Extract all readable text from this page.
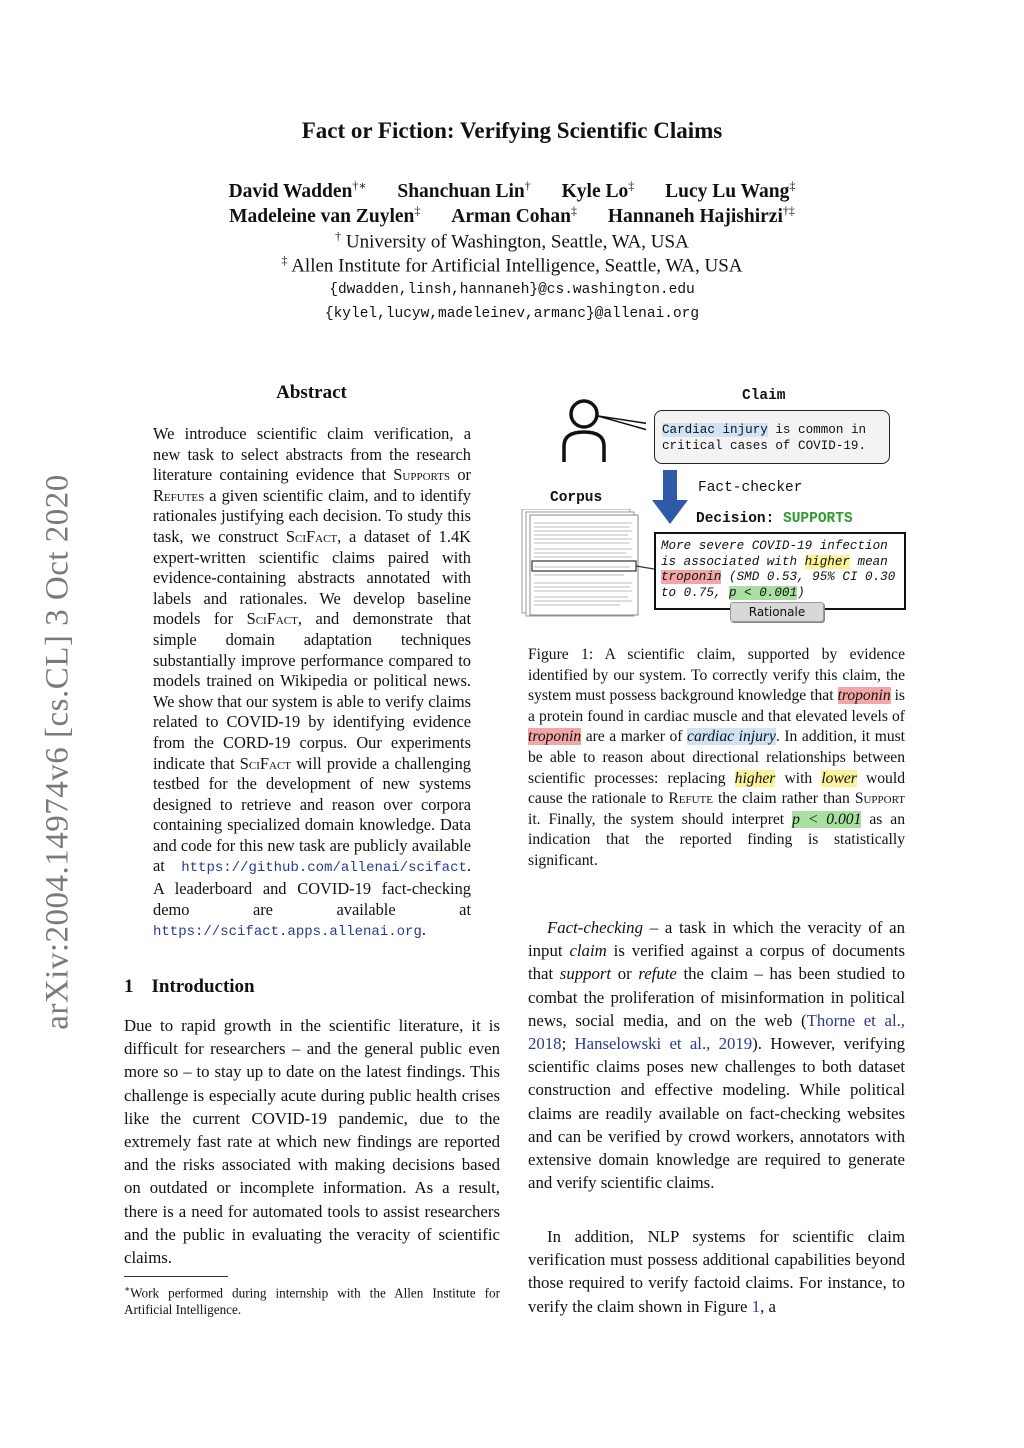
arXiv:2004.14974v6 [cs.CL] 3 Oct 2020
Fact or Fiction: Verifying Scientific Claims
David Wadden†∗ Shanchuan Lin† Kyle Lo‡ Lucy Lu Wang‡
Madeleine van Zuylen‡ Arman Cohan‡ Hannaneh Hajishirzi†‡
† University of Washington, Seattle, WA, USA
‡ Allen Institute for Artificial Intelligence, Seattle, WA, USA
{dwadden,linsh,hannaneh}@cs.washington.edu
{kylel,lucyw,madeleinev,armanc}@allenai.org
Abstract
We introduce scientific claim verification, a new task to select abstracts from the research literature containing evidence that Supports or Refutes a given scientific claim, and to identify rationales justifying each decision. To study this task, we construct SciFact, a dataset of 1.4K expert-written scientific claims paired with evidence-containing abstracts annotated with labels and rationales. We develop baseline models for SciFact, and demonstrate that simple domain adaptation techniques substantially improve performance compared to models trained on Wikipedia or political news. We show that our system is able to verify claims related to COVID-19 by identifying evidence from the CORD-19 corpus. Our experiments indicate that SciFact will provide a challenging testbed for the development of new systems designed to retrieve and reason over corpora containing specialized domain knowledge. Data and code for this new task are publicly available at https://github.com/allenai/scifact. A leaderboard and COVID-19 fact-checking demo are available at https://scifact.apps.allenai.org.
1 Introduction
Due to rapid growth in the scientific literature, it is difficult for researchers – and the general public even more so – to stay up to date on the latest findings. This challenge is especially acute during public health crises like the current COVID-19 pandemic, due to the extremely fast rate at which new findings are reported and the risks associated with making decisions based on outdated or incomplete information. As a result, there is a need for automated tools to assist researchers and the public in evaluating the veracity of scientific claims.
∗Work performed during internship with the Allen Institute for Artificial Intelligence.
Claim
Cardiac injury is common in critical cases of COVID-19.
Corpus
Fact-checker
Decision: SUPPORTS
More severe COVID-19 infection is associated with higher mean troponin (SMD 0.53, 95% CI 0.30 to 0.75, p < 0.001)
Rationale
Figure 1: A scientific claim, supported by evidence identified by our system. To correctly verify this claim, the system must possess background knowledge that troponin is a protein found in cardiac muscle and that elevated levels of troponin are a marker of cardiac injury. In addition, it must be able to reason about directional relationships between scientific processes: replacing higher with lower would cause the rationale to Refute the claim rather than Support it. Finally, the system should interpret p < 0.001 as an indication that the reported finding is statistically significant.
Fact-checking – a task in which the veracity of an input claim is verified against a corpus of documents that support or refute the claim – has been studied to combat the proliferation of misinformation in political news, social media, and on the web (Thorne et al., 2018; Hanselowski et al., 2019). However, verifying scientific claims poses new challenges to both dataset construction and effective modeling. While political claims are readily available on fact-checking websites and can be verified by crowd workers, annotators with extensive domain knowledge are required to generate and verify scientific claims.
In addition, NLP systems for scientific claim verification must possess additional capabilities beyond those required to verify factoid claims. For instance, to verify the claim shown in Figure 1, a
